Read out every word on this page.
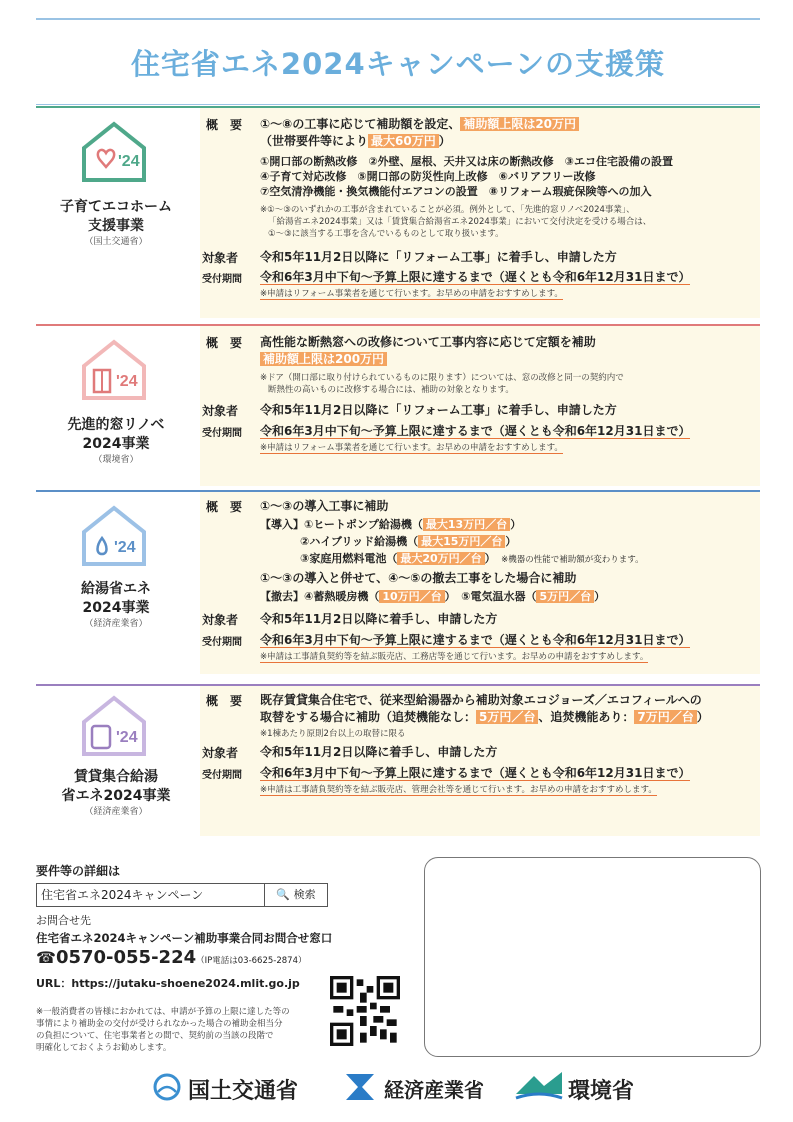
住宅省エネ2024キャンペーンの支援策
'24
子育てエコホーム
支援事業
（国土交通省）
概　要	①～⑧の工事に応じて補助額を設定、 補助額上限は20万円
（世帯要件等により 最大60万円 ）
①開口部の断熱改修　②外壁、屋根、天井又は床の断熱改修　③エコ住宅設備の設置
④子育て対応改修　⑤開口部の防災性向上改修　⑥バリアフリー改修
⑦空気清浄機能・換気機能付エアコンの設置　⑧リフォーム瑕疵保険等への加入
※①～③のいずれかの工事が含まれていることが必須。例外として、「先進的窓リノベ2024事業」、
「給湯省エネ2024事業」又は「賃貸集合給湯省エネ2024事業」において交付決定を受ける場合は、
①～③に該当する工事を含んでいるものとして取り扱います。
対象者	令和5年11月2日以降に「リフォーム工事」に着手し、申請した方
受付期間	令和6年3月中下旬～予算上限に達するまで（遅くとも令和6年12月31日まで）
※申請はリフォーム事業者を通じて行います。お早めの申請をおすすめします。
'24
先進的窓リノベ
2024事業
（環境省）
概　要	高性能な断熱窓への改修について工事内容に応じて定額を補助
補助額上限は200万円
※ドア（開口部に取り付けられているものに限ります）については、窓の改修と同一の契約内で
断熱性の高いものに改修する場合には、補助の対象となります。
対象者	令和5年11月2日以降に「リフォーム工事」に着手し、申請した方
受付期間	令和6年3月中下旬～予算上限に達するまで（遅くとも令和6年12月31日まで）
※申請はリフォーム事業者を通じて行います。お早めの申請をおすすめします。
'24
給湯省エネ
2024事業
（経済産業省）
概　要	①～③の導入工事に補助
【導入】①ヒートポンプ給湯機（ 最大13万円／台 ）
②ハイブリッド給湯機（ 最大15万円／台 ）
③家庭用燃料電池（ 最大20万円／台 ）　 ※機器の性能で補助額が変わります。
①～③の導入と併せて、④～⑤の撤去工事をした場合に補助
【撤去】④蓄熱暖房機（ 10万円／台 ）　 ⑤電気温水器（ 5万円／台 ）
対象者	令和5年11月2日以降に着手し、申請した方
受付期間	令和6年3月中下旬～予算上限に達するまで（遅くとも令和6年12月31日まで）
※申請は工事請負契約等を結ぶ販売店、工務店等を通じて行います。お早めの申請をおすすめします。
'24
賃貸集合給湯
省エネ2024事業
（経済産業省）
概　要	既存賃貸集合住宅で、従来型給湯器から補助対象エコジョーズ／エコフィールへの
取替をする場合に補助（追焚機能なし： 5万円／台 、追焚機能あり： 7万円／台 ）
※1棟あたり原則2台以上の取替に限る
対象者	令和5年11月2日以降に着手し、申請した方
受付期間	令和6年3月中下旬～予算上限に達するまで（遅くとも令和6年12月31日まで）
※申請は工事請負契約等を結ぶ販売店、管理会社等を通じて行います。お早めの申請をおすすめします。
要件等の詳細は
住宅省エネ2024キャンペーン	🔍 検索
お問合せ先
住宅省エネ2024キャンペーン補助事業合同お問合せ窓口
☎0570-055-224（IP電話は03-6625-2874）
URL：https://jutaku-shoene2024.mlit.go.jp
※一般消費者の皆様におかれては、申請が予算の上限に達した等の
事情により補助金の交付が受けられなかった場合の補助金相当分
の負担について、住宅事業者との間で、契約前の当該の段階で
明確化しておくようお勧めします。
国土交通省	経済産業省	環境省
